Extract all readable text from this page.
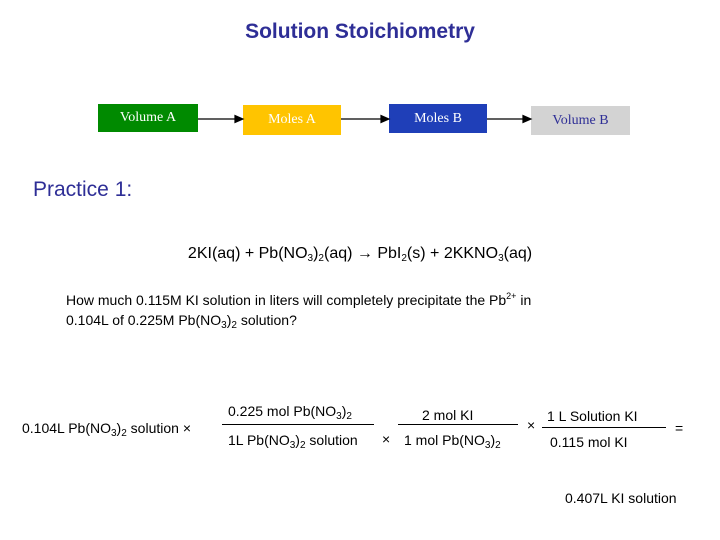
Solution Stoichiometry
Volume A	Moles A	Moles B	Volume B
Practice 1:
$2KI(aq) + Pb(NO_3)_2(aq) \to PbI_2(s)$ + $2KKNO_3(aq)$
How much 0.115M KI solution in liters will completely precipitate the $Pb^{2+}$ in
0.104L of 0.225M $Pb(NO_3)_2$ solution?
0.104L $Pb(NO_3)_2$ solution ×
0.225 mol $Pb(NO_3)_2$
1L $Pb(NO_3)_2$ solution ×
2 mol KI
1 mol $Pb(NO_3)_2$
×
1 L Solution KI
0.115 mol KI
=
0.407L KI solution
